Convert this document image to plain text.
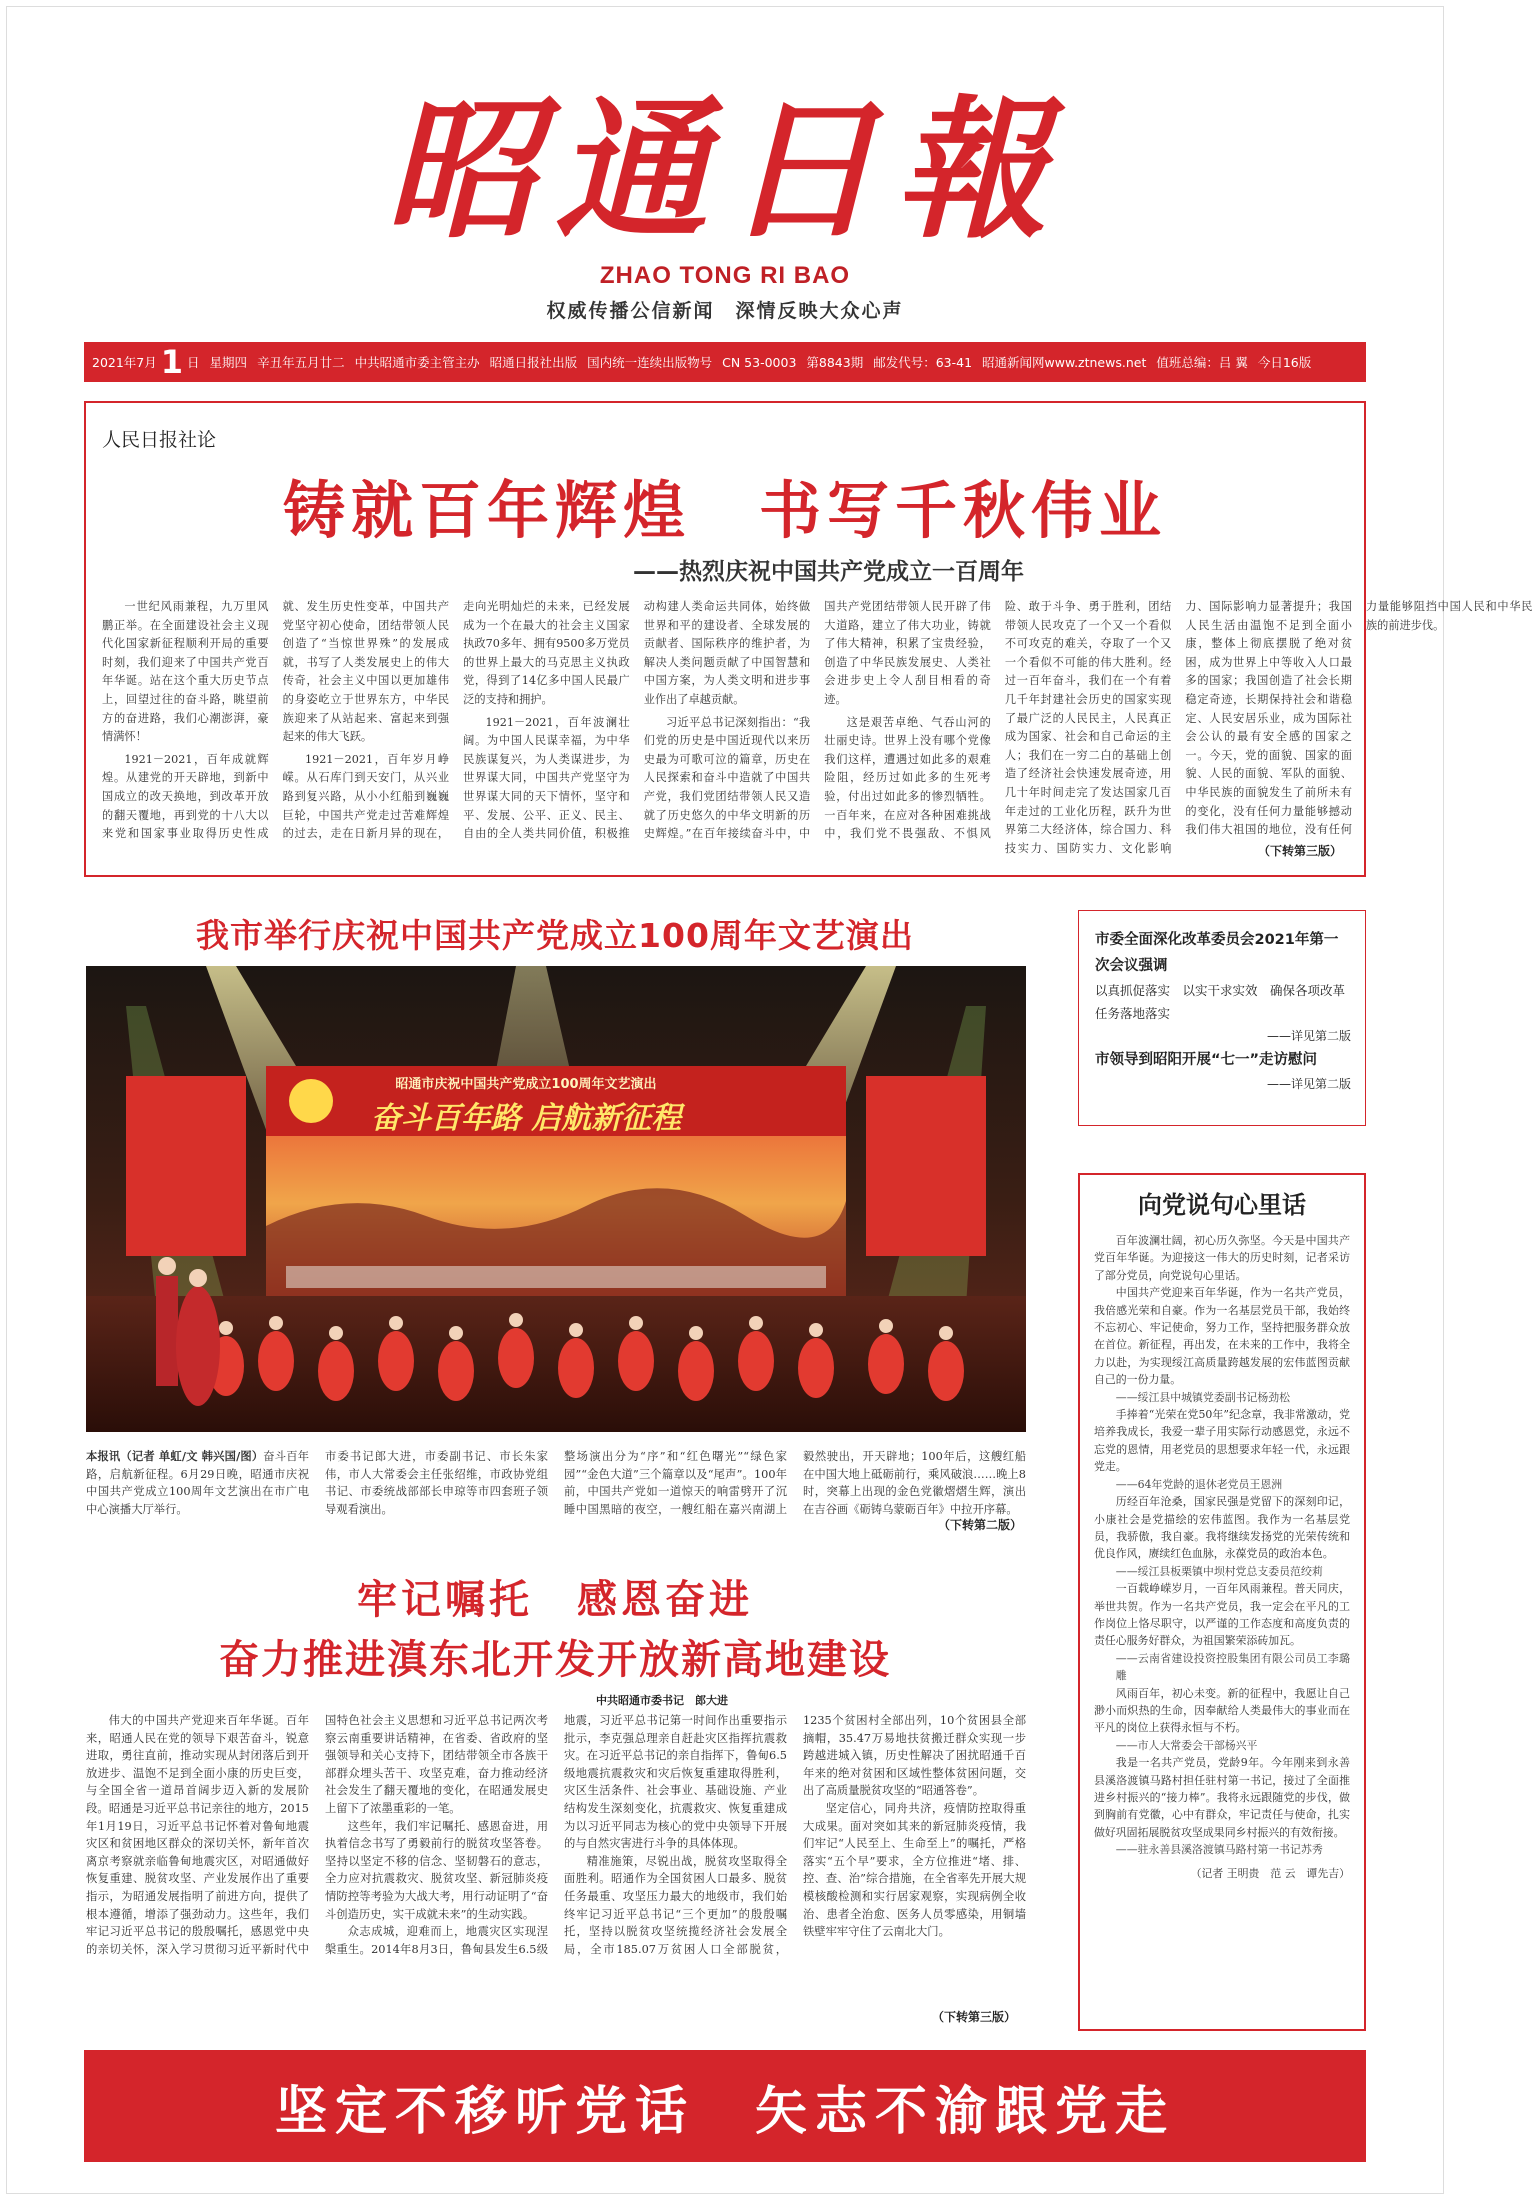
昭通日報
ZHAO TONG RI BAO
权威传播公信新闻　深情反映大众心声
2021年7月 1 日 星期四 辛丑年五月廿二 中共昭通市委主管主办 昭通日报社出版 国内统一连续出版物号 CN 53-0003 第8843期 邮发代号：63-41 昭通新闻网www.ztnews.net 值班总编：吕 翼 今日16版
人民日报社论
铸就百年辉煌　书写千秋伟业
——热烈庆祝中国共产党成立一百周年

一世纪风雨兼程，九万里风鹏正举。在全面建设社会主义现代化国家新征程顺利开局的重要时刻，我们迎来了中国共产党百年华诞。站在这个重大历史节点上，回望过往的奋斗路，眺望前方的奋进路，我们心潮澎湃，豪情满怀！

1921－2021，百年成就辉煌。从建党的开天辟地，到新中国成立的改天换地，到改革开放的翻天覆地，再到党的十八大以来党和国家事业取得历史性成就、发生历史性变革，中国共产党坚守初心使命，团结带领人民创造了“当惊世界殊”的发展成就，书写了人类发展史上的伟大传奇，社会主义中国以更加雄伟的身姿屹立于世界东方，中华民族迎来了从站起来、富起来到强起来的伟大飞跃。

1921－2021，百年岁月峥嵘。从石库门到天安门，从兴业路到复兴路，从小小红船到巍巍巨轮，中国共产党走过苦难辉煌的过去，走在日新月异的现在，走向光明灿烂的未来，已经发展成为一个在最大的社会主义国家执政70多年、拥有9500多万党员的世界上最大的马克思主义执政党，得到了14亿多中国人民最广泛的支持和拥护。

1921－2021，百年波澜壮阔。为中国人民谋幸福，为中华民族谋复兴，为人类谋进步，为世界谋大同，中国共产党坚守为世界谋大同的天下情怀，坚守和平、发展、公平、正义、民主、自由的全人类共同价值，积极推动构建人类命运共同体，始终做世界和平的建设者、全球发展的贡献者、国际秩序的维护者，为解决人类问题贡献了中国智慧和中国方案，为人类文明和进步事业作出了卓越贡献。

习近平总书记深刻指出：“我们党的历史是中国近现代以来历史最为可歌可泣的篇章，历史在人民探索和奋斗中造就了中国共产党，我们党团结带领人民又造就了历史悠久的中华文明新的历史辉煌。”在百年接续奋斗中，中国共产党团结带领人民开辟了伟大道路，建立了伟大功业，铸就了伟大精神，积累了宝贵经验，创造了中华民族发展史、人类社会进步史上令人刮目相看的奇迹。

这是艰苦卓绝、气吞山河的壮丽史诗。世界上没有哪个党像我们这样，遭遇过如此多的艰难险阻，经历过如此多的生死考验，付出过如此多的惨烈牺牲。一百年来，在应对各种困难挑战中，我们党不畏强敌、不惧风险、敢于斗争、勇于胜利，团结带领人民攻克了一个又一个看似不可攻克的难关，夺取了一个又一个看似不可能的伟大胜利。经过一百年奋斗，我们在一个有着几千年封建社会历史的国家实现了最广泛的人民民主，人民真正成为国家、社会和自己命运的主人；我们在一穷二白的基础上创造了经济社会快速发展奇迹，用几十年时间走完了发达国家几百年走过的工业化历程，跃升为世界第二大经济体，综合国力、科技实力、国防实力、文化影响力、国际影响力显著提升；我国人民生活由温饱不足到全面小康，整体上彻底摆脱了绝对贫困，成为世界上中等收入人口最多的国家；我国创造了社会长期稳定奇迹，长期保持社会和谐稳定、人民安居乐业，成为国际社会公认的最有安全感的国家之一。今天，党的面貌、国家的面貌、人民的面貌、军队的面貌、中华民族的面貌发生了前所未有的变化，没有任何力量能够撼动我们伟大祖国的地位，没有任何力量能够阻挡中国人民和中华民族的前进步伐。

（下转第三版）
我市举行庆祝中国共产党成立100周年文艺演出
昭通市庆祝中国共产党成立100周年文艺演出
奋斗百年路 启航新征程

本报讯（记者 单虹/文 韩兴国/图）奋斗百年路，启航新征程。6月29日晚，昭通市庆祝中国共产党成立100周年文艺演出在市广电中心演播大厅举行。

市委书记郎大进，市委副书记、市长朱家伟，市人大常委会主任张绍维，市政协党组书记、市委统战部部长申琼等市四套班子领导观看演出。

整场演出分为“序”和“红色曙光”“绿色家园”“金色大道”三个篇章以及“尾声”。100年前，中国共产党如一道惊天的响雷劈开了沉睡中国黑暗的夜空，一艘红船在嘉兴南湖上毅然驶出，开天辟地；100年后，这艘红船在中国大地上砥砺前行，乘风破浪……晚上8时，突幕上出现的金色党徽熠熠生辉，演出在吉谷画《砺铸乌蒙砺百年》中拉开序幕。

（下转第二版）
市委全面深化改革委员会2021年第一次会议强调
以真抓促落实　以实干求实效　确保各项改革任务落地落实
——详见第二版
市领导到昭阳开展“七一”走访慰问
——详见第二版
向党说句心里话

百年波澜壮阔，初心历久弥坚。今天是中国共产党百年华诞。为迎接这一伟大的历史时刻，记者采访了部分党员，向党说句心里话。

中国共产党迎来百年华诞，作为一名共产党员，我倍感光荣和自豪。作为一名基层党员干部，我始终不忘初心、牢记使命，努力工作，坚持把服务群众放在首位。新征程，再出发，在未来的工作中，我将全力以赴，为实现绥江高质量跨越发展的宏伟蓝图贡献自己的一份力量。

——绥江县中城镇党委副书记杨劲松

手捧着“光荣在党50年”纪念章，我非常激动，党培养我成长，我爱一辈子用实际行动感恩党，永远不忘党的恩情，用老党员的思想要求年轻一代，永远跟党走。

——64年党龄的退休老党员王恩洲

历经百年沧桑，国家民强是党留下的深刻印记，小康社会是党描绘的宏伟蓝图。我作为一名基层党员，我骄傲，我自豪。我将继续发扬党的光荣传统和优良作风，赓续红色血脉，永葆党员的政治本色。

——绥江县板栗镇中坝村党总支委员范绞莉

一百载峥嵘岁月，一百年风雨兼程。普天同庆，举世共贺。作为一名共产党员，我一定会在平凡的工作岗位上恪尽职守，以严谨的工作态度和高度负责的责任心服务好群众，为祖国繁荣添砖加瓦。

——云南省建设投资控股集团有限公司员工李璐雕

风雨百年，初心未变。新的征程中，我愿让自己渺小而炽热的生命，因奉献给人类最伟大的事业而在平凡的岗位上获得永恒与不朽。

——市人大常委会干部杨兴平

我是一名共产党员，党龄9年。今年刚来到永善县溪洛渡镇马路村担任驻村第一书记，接过了全面推进乡村振兴的“接力棒”。我将永远跟随党的步伐，做到胸前有党徽，心中有群众，牢记责任与使命，扎实做好巩固拓展脱贫攻坚成果同乡村振兴的有效衔接。

——驻永善县溪洛渡镇马路村第一书记苏秀

（记者 王明贵　范 云　谭先吉）

牢记嘱托　感恩奋进
奋力推进滇东北开发开放新高地建设
中共昭通市委书记　郎大进

伟大的中国共产党迎来百年华诞。百年来，昭通人民在党的领导下艰苦奋斗，锐意进取，勇往直前，推动实现从封闭落后到开放进步、温饱不足到全面小康的历史巨变，与全国全省一道昂首阔步迈入新的发展阶段。昭通是习近平总书记亲往的地方，2015年1月19日，习近平总书记怀着对鲁甸地震灾区和贫困地区群众的深切关怀，新年首次离京考察就亲临鲁甸地震灾区，对昭通做好恢复重建、脱贫攻坚、产业发展作出了重要指示，为昭通发展指明了前进方向，提供了根本遵循，增添了强劲动力。这些年，我们牢记习近平总书记的殷殷嘱托，感恩党中央的亲切关怀，深入学习贯彻习近平新时代中国特色社会主义思想和习近平总书记两次考察云南重要讲话精神，在省委、省政府的坚强领导和关心支持下，团结带领全市各族干部群众埋头苦干、攻坚克难，奋力推动经济社会发生了翻天覆地的变化，在昭通发展史上留下了浓墨重彩的一笔。

这些年，我们牢记嘱托、感恩奋进，用执着信念书写了勇毅前行的脱贫攻坚答卷。坚持以坚定不移的信念、坚韧磐石的意志，全力应对抗震救灾、脱贫攻坚、新冠肺炎疫情防控等考验为大战大考，用行动证明了“奋斗创造历史，实干成就未来”的生动实践。

众志成城，迎难而上，地震灾区实现涅槃重生。2014年8月3日，鲁甸县发生6.5级地震，习近平总书记第一时间作出重要指示批示，李克强总理亲自赶赴灾区指挥抗震救灾。在习近平总书记的亲自指挥下，鲁甸6.5级地震抗震救灾和灾后恢复重建取得胜利，灾区生活条件、社会事业、基础设施、产业结构发生深刻变化，抗震救灾、恢复重建成为以习近平同志为核心的党中央领导下开展的与自然灾害进行斗争的具体体现。

精准施策，尽锐出战，脱贫攻坚取得全面胜利。昭通作为全国贫困人口最多、脱贫任务最重、攻坚压力最大的地级市，我们始终牢记习近平总书记“三个更加”的殷殷嘱托，坚持以脱贫攻坚统揽经济社会发展全局，全市185.07万贫困人口全部脱贫，1235个贫困村全部出列，10个贫困县全部摘帽，35.47万易地扶贫搬迁群众实现一步跨越进城入镇，历史性解决了困扰昭通千百年来的绝对贫困和区域性整体贫困问题，交出了高质量脱贫攻坚的“昭通答卷”。

坚定信心，同舟共济，疫情防控取得重大成果。面对突如其来的新冠肺炎疫情，我们牢记“人民至上、生命至上”的嘱托，严格落实“五个早”要求，全方位推进“堵、排、控、查、治”综合措施，在全省率先开展大规模核酸检测和实行居家观察，实现病例全收治、患者全治愈、医务人员零感染，用铜墙铁壁牢牢守住了云南北大门。

（下转第三版）
坚定不移听党话　矢志不渝跟党走
